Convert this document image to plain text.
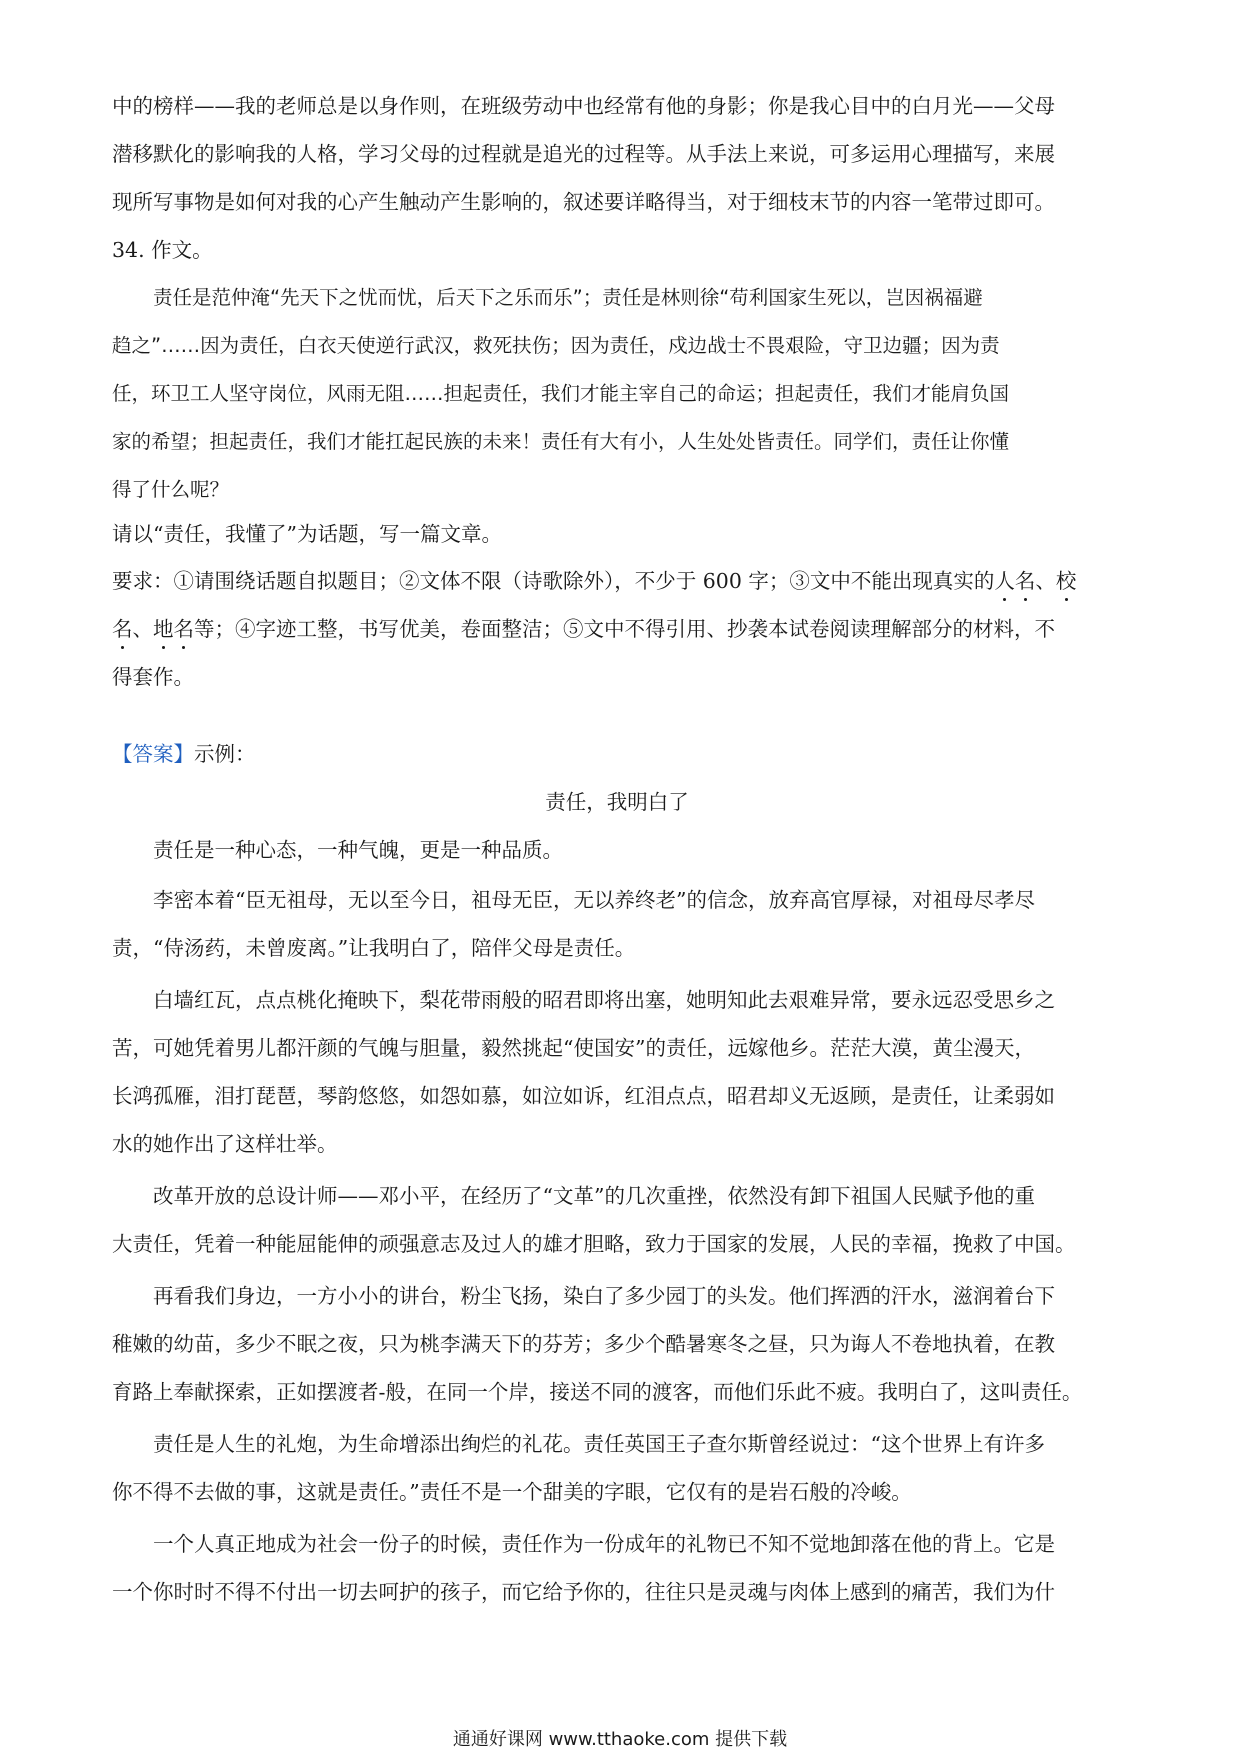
中的榜样——我的老师总是以身作则，在班级劳动中也经常有他的身影；你是我心目中的白月光——父母
潜移默化的影响我的人格，学习父母的过程就是追光的过程等。从手法上来说，可多运用心理描写，来展
现所写事物是如何对我的心产生触动产生影响的，叙述要详略得当，对于细枝末节的内容一笔带过即可。
34. 作文。
责任是范仲淹“先天下之忧而忧，后天下之乐而乐”；责任是林则徐“苟利国家生死以，岂因祸福避
趋之”……因为责任，白衣天使逆行武汉，救死扶伤；因为责任，戍边战士不畏艰险，守卫边疆；因为责
任，环卫工人坚守岗位，风雨无阻……担起责任，我们才能主宰自己的命运；担起责任，我们才能肩负国
家的希望；担起责任，我们才能扛起民族的未来！责任有大有小，人生处处皆责任。同学们，责任让你懂
得了什么呢？
请以“责任，我懂了”为话题，写一篇文章。
要求：①请围绕话题自拟题目；②文体不限（诗歌除外），不少于 600 字；③文中不能出现真实的人名、校
名、地名等；④字迹工整，书写优美，卷面整洁；⑤文中不得引用、抄袭本试卷阅读理解部分的材料，不
得套作。
【答案】示例：
责任，我明白了
责任是一种心态，一种气魄，更是一种品质。
李密本着“臣无祖母，无以至今日，祖母无臣，无以养终老”的信念，放弃高官厚禄，对祖母尽孝尽
责，“侍汤药，未曾废离。”让我明白了，陪伴父母是责任。
白墙红瓦，点点桃化掩映下，梨花带雨般的昭君即将出塞，她明知此去艰难异常，要永远忍受思乡之
苦，可她凭着男儿都汗颜的气魄与胆量，毅然挑起“使国安”的责任，远嫁他乡。茫茫大漠，黄尘漫天，
长鸿孤雁，泪打琵琶，琴韵悠悠，如怨如慕，如泣如诉，红泪点点，昭君却义无返顾，是责任，让柔弱如
水的她作出了这样壮举。
改革开放的总设计师——邓小平，在经历了“文革”的几次重挫，依然没有卸下祖国人民赋予他的重
大责任，凭着一种能屈能伸的顽强意志及过人的雄才胆略，致力于国家的发展，人民的幸福，挽救了中国。
再看我们身边，一方小小的讲台，粉尘飞扬，染白了多少园丁的头发。他们挥洒的汗水，滋润着台下
稚嫩的幼苗，多少不眠之夜，只为桃李满天下的芬芳；多少个酷暑寒冬之昼，只为诲人不卷地执着，在教
育路上奉献探索，正如摆渡者-般，在同一个岸，接送不同的渡客，而他们乐此不疲。我明白了，这叫责任。
责任是人生的礼炮，为生命增添出绚烂的礼花。责任英国王子查尔斯曾经说过：“这个世界上有许多
你不得不去做的事，这就是责任。”责任不是一个甜美的字眼，它仅有的是岩石般的冷峻。
一个人真正地成为社会一份子的时候，责任作为一份成年的礼物已不知不觉地卸落在他的背上。它是
一个你时时不得不付出一切去呵护的孩子，而它给予你的，往往只是灵魂与肉体上感到的痛苦，我们为什
通通好课网 www.tthaoke.com 提供下载
